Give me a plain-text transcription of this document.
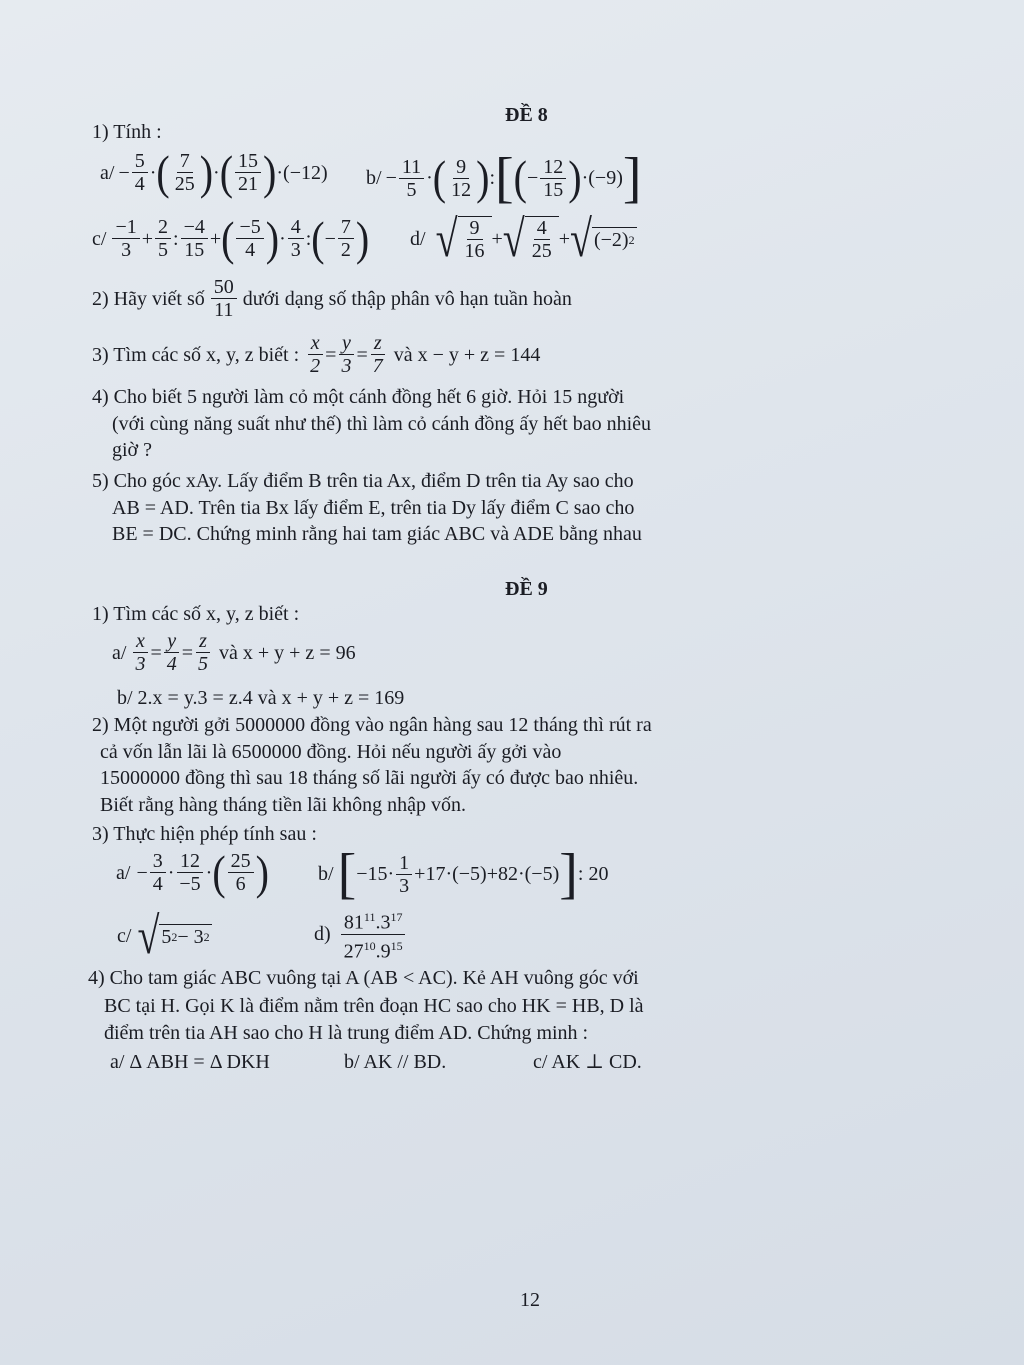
ĐỀ 8
1) Tính :
$a/ - \frac{5}{4}$ · ( $\frac{7}{25}$ ) · ( $\frac{15}{21}$ ) ·(−12) $b/ - \frac{11}{5}$ · ( $\frac{9}{12}$ ) : [ ( − $\frac{12}{15}$ ) ·(−9) ]
$c/ \frac{-1}{3} + \frac{2}{5}$ : $\frac{-4}{15}$ + ( $\frac{-5}{4}$ ) · $\frac{4}{3}$ : ( − $\frac{7}{2}$ ) d/ √ $\frac{9}{16}$ + √ $\frac{4}{25}$ + √ (−2) 2
2) Hãy viết số $\frac{50}{11}$ dưới dạng số thập phân vô hạn tuần hoàn
3) Tìm các số x, y, z biết : $\frac{x}{2} = \frac{y}{3} = \frac{z}{7}$ và x − y + z = 144
4) Cho biết 5 người làm cỏ một cánh đồng hết 6 giờ. Hỏi 15 người
(với cùng năng suất như thế) thì làm cỏ cánh đồng ấy hết bao nhiêu
giờ ?
5) Cho góc xAy. Lấy điểm B trên tia Ax, điểm D trên tia Ay sao cho
AB = AD. Trên tia Bx lấy điểm E, trên tia Dy lấy điểm C sao cho
BE = DC. Chứng minh rằng hai tam giác ABC và ADE bằng nhau
ĐỀ 9
1) Tìm các số x, y, z biết :
$a/ \frac{x}{3} = \frac{y}{4} = \frac{z}{5}$ và x + y + z = 96
b/ 2.x = y.3 = z.4 và x + y + z = 169
2) Một người gởi 5000000 đồng vào ngân hàng sau 12 tháng thì rút ra
cả vốn lẫn lãi là 6500000 đồng. Hỏi nếu người ấy gởi vào
15000000 đồng thì sau 18 tháng số lãi người ấy có được bao nhiêu.
Biết rằng hàng tháng tiền lãi không nhập vốn.
3) Thực hiện phép tính sau :
$a/ - \frac{3}{4} \cdot \frac{12}{-5}$ · ( $\frac{25}{6}$ ) b/ [ $-15\cdot \frac{1}{3} +17\cdot(-5)+82\cdot(-5)$ ] : 20
c/ √ 5 2 − 3 2	$d) \frac{81^{11}.3^{17}}{27^{10}.9^{15}}$
4) Cho tam giác ABC vuông tại A (AB < AC). Kẻ AH vuông góc với
BC tại H. Gọi K là điểm nằm trên đoạn HC sao cho HK = HB, D là
điểm trên tia AH sao cho H là trung điểm AD. Chứng minh :
a/ Δ ABH = Δ DKH	b/ AK // BD.	c/ AK ⊥ CD.
12
